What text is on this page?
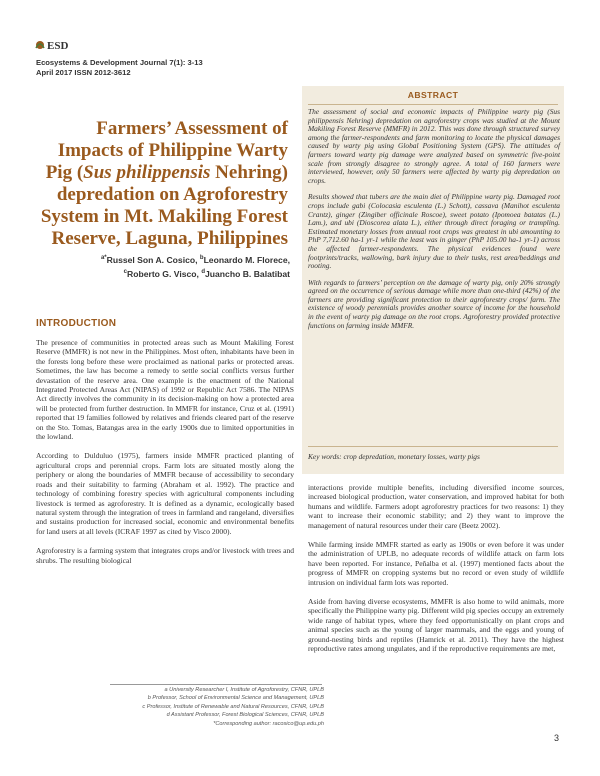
ESD
Ecosystems & Development Journal 7(1): 3-13
April 2017 ISSN 2012-3612
Farmers’ Assessment of Impacts of Philippine Warty Pig (Sus philippensis Nehring) depredation on Agroforestry System in Mt. Makiling Forest Reserve, Laguna, Philippines
$^{a*}$Russel Son A. Cosico, $^b$Leonardo M. Florece,
$^c$Roberto G. Visco, $^d$Juancho B. Balatibat
INTRODUCTION

The presence of communities in protected areas such as Mount Makiling Forest Reserve (MMFR) is not new in the Philippines. Most often, inhabitants have been in the forests long before these were proclaimed as national parks or protected areas. Sometimes, the law has become a remedy to settle social conflicts versus further devastation of the reserve area. One example is the enactment of the National Integrated Protected Areas Act (NIPAS) of 1992 or Republic Act 7586. The NIPAS Act directly involves the community in its decision-making on how a protected area will be protected from further destruction. In MMFR for instance, Cruz et al. (1991) reported that 19 families followed by relatives and friends cleared part of the reserve on the Sto. Tomas, Batangas area in the early 1900s due to limited opportunities in the lowland.

According to Dulduluo (1975), farmers inside MMFR practiced planting of agricultural crops and perennial crops. Farm lots are situated mostly along the periphery or along the boundaries of MMFR because of accessibility to secondary roads and their suitability to farming (Abraham et al. 1992). The practice and technology of combining forestry species with agricultural components including livestock is termed as agroforestry. It is defined as a dynamic, ecologically based natural system through the integration of trees in farmland and rangeland, diversifies and sustains production for increased social, economic and environmental benefits for land users at all levels (ICRAF 1997 as cited by Visco 2000).

Agroforestry is a farming system that integrates crops and/or livestock with trees and shrubs. The resulting biological

ABSTRACT

The assessment of social and economic impacts of Philippine warty pig (Sus philippensis Nehring) depredation on agroforestry crops was studied at the Mount Makiling Forest Reserve (MMFR) in 2012. This was done through structured survey among the farmer-respondents and farm monitoring to locate the physical damages caused by warty pig using Global Positioning System (GPS). The attitudes of farmers toward warty pig damage were analyzed based on symmetric five-point scale from strongly disagree to strongly agree. A total of 160 farmers were interviewed, however, only 50 farmers were affected by warty pig depredation on crops.

Results showed that tubers are the main diet of Philippine warty pig. Damaged root crops include gabi (Colocasia esculenta (L.) Schott), cassava (Manihot esculenta Crantz), ginger (Zingiber officinale Roscoe), sweet potato (Ipomoea batatas (L.) Lam.), and ubi (Dioscorea alata L.), either through direct foraging or trampling. Estimated monetary losses from annual root crops was greatest in ubi amounting to PhP 7,712.60 ha-1 yr-1 while the least was in ginger (PhP 105.00 ha-1 yr-1) across the affected farmer-respondents. The physical evidences found were footprints/tracks, wallowing, bark injury due to their tusks, rest area/beddings and rooting.

With regards to farmers’ perception on the damage of warty pig, only 20% strongly agreed on the occurrence of serious damage while more than one-third (42%) of the farmers are providing significant protection to their agroforestry crops/ farm. The existence of woody perennials provides another source of income for the household in the event of warty pig damage on the root crops. Agroforestry provided protective functions on farming inside MMFR.

Key words: crop depredation, monetary losses, warty pigs

interactions provide multiple benefits, including diversified income sources, increased biological production, water conservation, and improved habitat for both humans and wildlife. Farmers adopt agroforestry practices for two reasons: 1) they want to increase their economic stability; and 2) they want to improve the management of natural resources under their care (Beetz 2002).

While farming inside MMFR started as early as 1900s or even before it was under the administration of UPLB, no adequate records of wildlife attack on farm lots have been reported. For instance, Peñalba et al. (1997) mentioned facts about the progress of MMFR on cropping systems but no record or even study of wildlife intrusion on individual farm lots was reported.

Aside from having diverse ecosystems, MMFR is also home to wild animals, more specifically the Philippine warty pig. Different wild pig species occupy an extremely wide range of habitat types, where they feed opportunistically on plant crops and animal species such as the young of larger mammals, and the eggs and young of ground-nesting birds and reptiles (Hamrick et al. 2011). They have the highest reproductive rates among ungulates, and if the reproductive requirements are met,

a University Researcher I, Institute of Agroforestry, CFNR, UPLB
b Professor, School of Environmental Science and Management, UPLB
c Professor, Institute of Renewable and Natural Resources, CFNR, UPLB
d Assistant Professor, Forest Biological Sciences, CFNR, UPLB
*Corresponding author: racosico@up.edu.ph
3
